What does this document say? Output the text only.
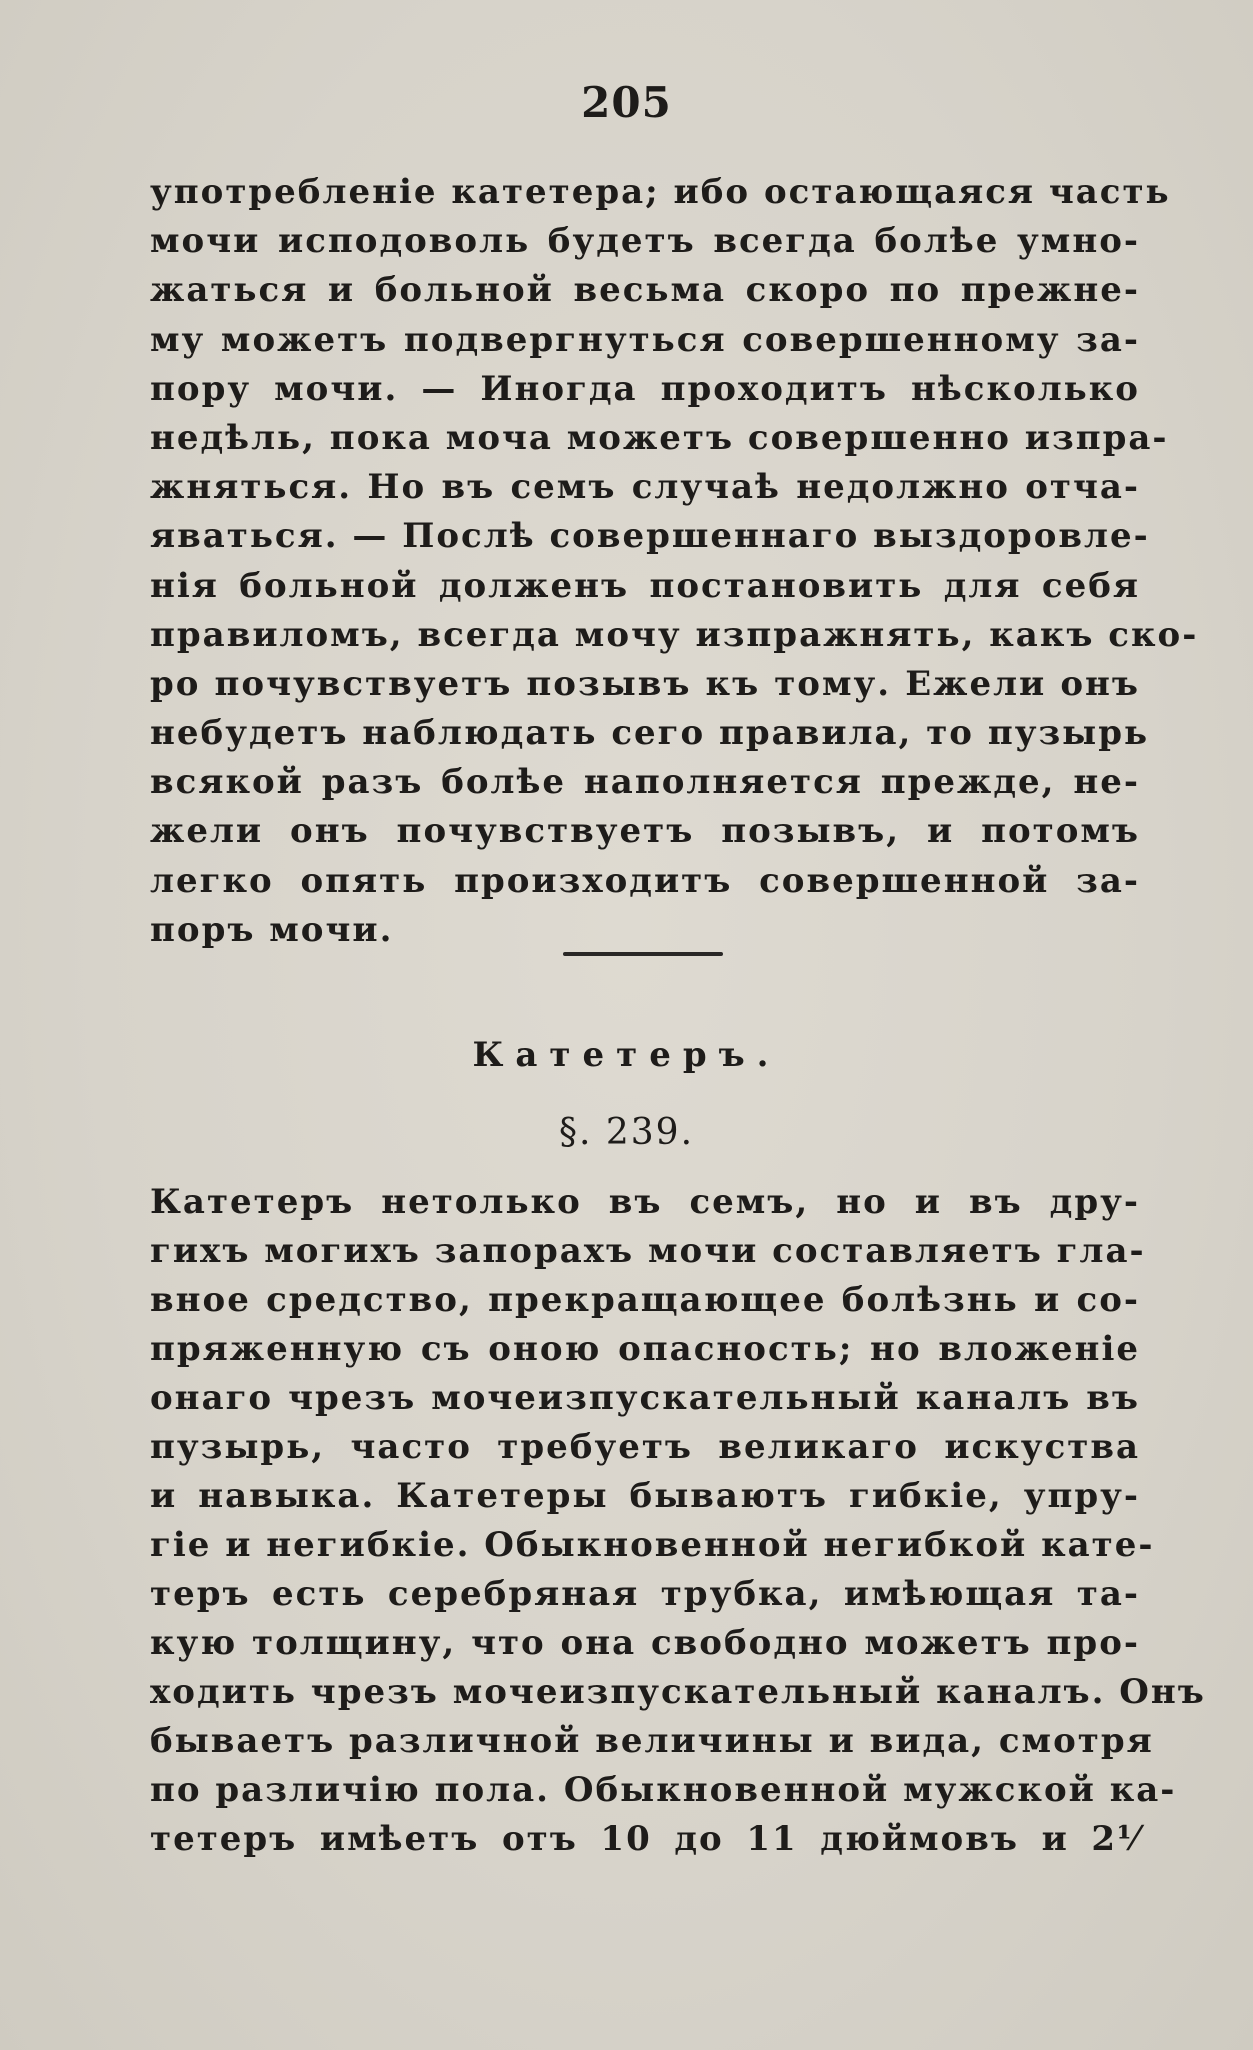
205
употребленіе катетера; ибо остающаяся часть
мочи исподоволь будетъ всегда болѣе умно-
жаться и больной весьма скоро по прежне-
му можетъ подвергнуться совершенному за-
пору мочи. — Иногда проходитъ нѣсколько
недѣль, пока моча можетъ совершенно изпра-
жняться. Но въ семъ случаѣ недолжно отча-
яваться. — Послѣ совершеннаго выздоровле-
нія больной долженъ постановить для себя
правиломъ, всегда мочу изпражнять, какъ ско-
ро почувствуетъ позывъ къ тому. Ежели онъ
небудетъ наблюдать сего правила, то пузырь
всякой разъ болѣе наполняется прежде, не-
жели онъ почувствуетъ позывъ, и потомъ
легко опять произходитъ совершенной за-
поръ мочи.
Катетеръ.
§. 239.
Катетеръ нетолько въ семъ, но и въ дру-
гихъ могихъ запорахъ мочи составляетъ гла-
вное средство, прекращающее болѣзнь и со-
пряженную съ оною опасность; но вложеніе
онаго чрезъ мочеизпускательный каналъ въ
пузырь, часто требуетъ великаго искуства
и навыка. Катетеры бываютъ гибкіе, упру-
гіе и негибкіе. Обыкновенной негибкой кате-
теръ есть серебряная трубка, имѣющая та-
кую толщину, что она свободно можетъ про-
ходить чрезъ мочеизпускательный каналъ. Онъ
бываетъ различной величины и вида, смотря
по различію пола. Обыкновенной мужской ка-
тетеръ имѣетъ отъ 10 до 11 дюймовъ и 2⅟
